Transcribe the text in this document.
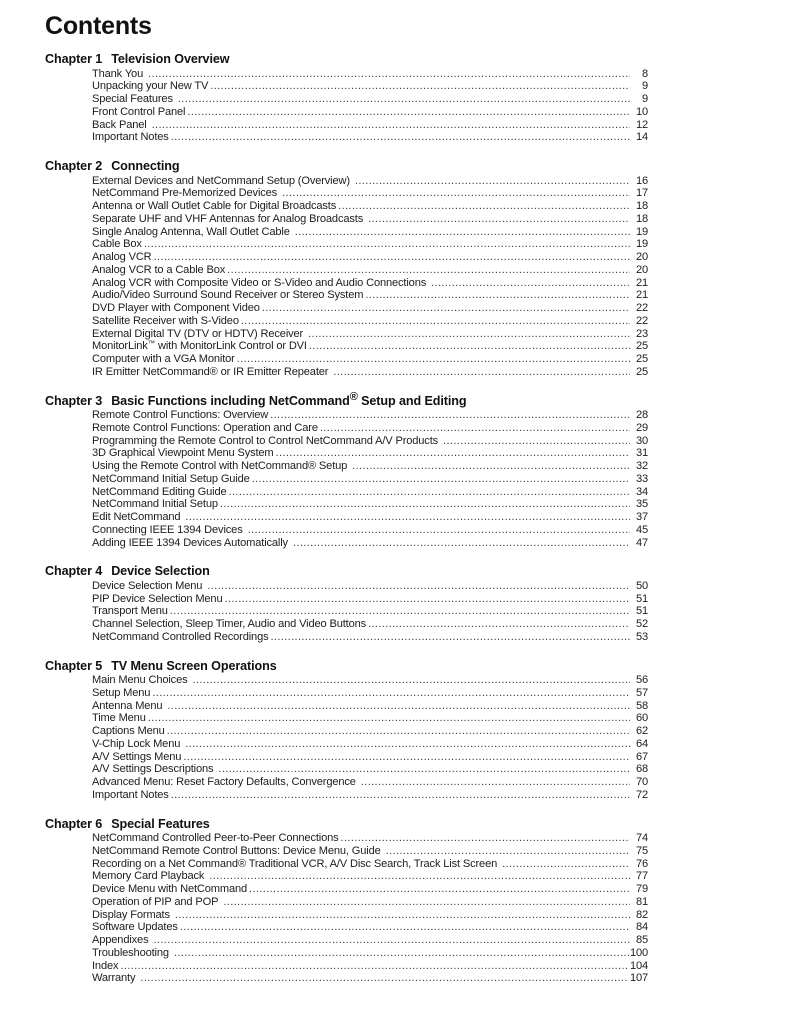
Contents
Chapter 1 Television Overview
Thank You .....	8
Unpacking your New TV .....	9
Special Features .....	9
Front Control Panel .....	10
Back Panel .....	12
Important Notes .....	14
Chapter 2 Connecting
External Devices and NetCommand Setup (Overview) .....	16
NetCommand Pre-Memorized Devices .....	17
Antenna or Wall Outlet Cable for Digital Broadcasts .....	18
Separate UHF and VHF Antennas for Analog Broadcasts .....	18
Single Analog Antenna, Wall Outlet Cable .....	19
Cable Box .....	19
Analog VCR .....	20
Analog VCR to a Cable Box .....	20
Analog VCR with Composite Video or S-Video and Audio Connections .....	21
Audio/Video Surround Sound Receiver or Stereo System .....	21
DVD Player with Component Video .....	22
Satellite Receiver with S-Video .....	22
External Digital TV (DTV or HDTV) Receiver .....	23
MonitorLink™ with MonitorLink Control or DVI .....	25
Computer with a VGA Monitor .....	25
IR Emitter NetCommand® or IR Emitter Repeater .....	25
Chapter 3 Basic Functions including NetCommand® Setup and Editing
Remote Control Functions: Overview .....	28
Remote Control Functions: Operation and Care .....	29
Programming the Remote Control to Control NetCommand A/V Products .....	30
3D Graphical Viewpoint Menu System .....	31
Using the Remote Control with NetCommand® Setup .....	32
NetCommand Initial Setup Guide .....	33
NetCommand Editing Guide .....	34
NetCommand Initial Setup .....	35
Edit NetCommand .....	37
Connecting IEEE 1394 Devices .....	45
Adding IEEE 1394 Devices Automatically .....	47
Chapter 4 Device Selection
Device Selection Menu .....	50
PIP Device Selection Menu .....	51
Transport Menu .....	51
Channel Selection, Sleep Timer, Audio and Video Buttons .....	52
NetCommand Controlled Recordings .....	53
Chapter 5 TV Menu Screen Operations
Main Menu Choices .....	56
Setup Menu .....	57
Antenna Menu .....	58
Time Menu .....	60
Captions Menu .....	62
V-Chip Lock Menu .....	64
A/V Settings Menu .....	67
A/V Settings Descriptions .....	68
Advanced Menu: Reset Factory Defaults, Convergence .....	70
Important Notes .....	72
Chapter 6 Special Features
NetCommand Controlled Peer-to-Peer Connections .....	74
NetCommand Remote Control Buttons: Device Menu, Guide .....	75
Recording on a Net Command® Traditional VCR, A/V Disc Search, Track List Screen .....	76
Memory Card Playback .....	77
Device Menu with NetCommand .....	79
Operation of PIP and POP .....	81
Display Formats .....	82
Software Updates .....	84
Appendixes .....	85
Troubleshooting .....	100
Index .....	104
Warranty .....	107
